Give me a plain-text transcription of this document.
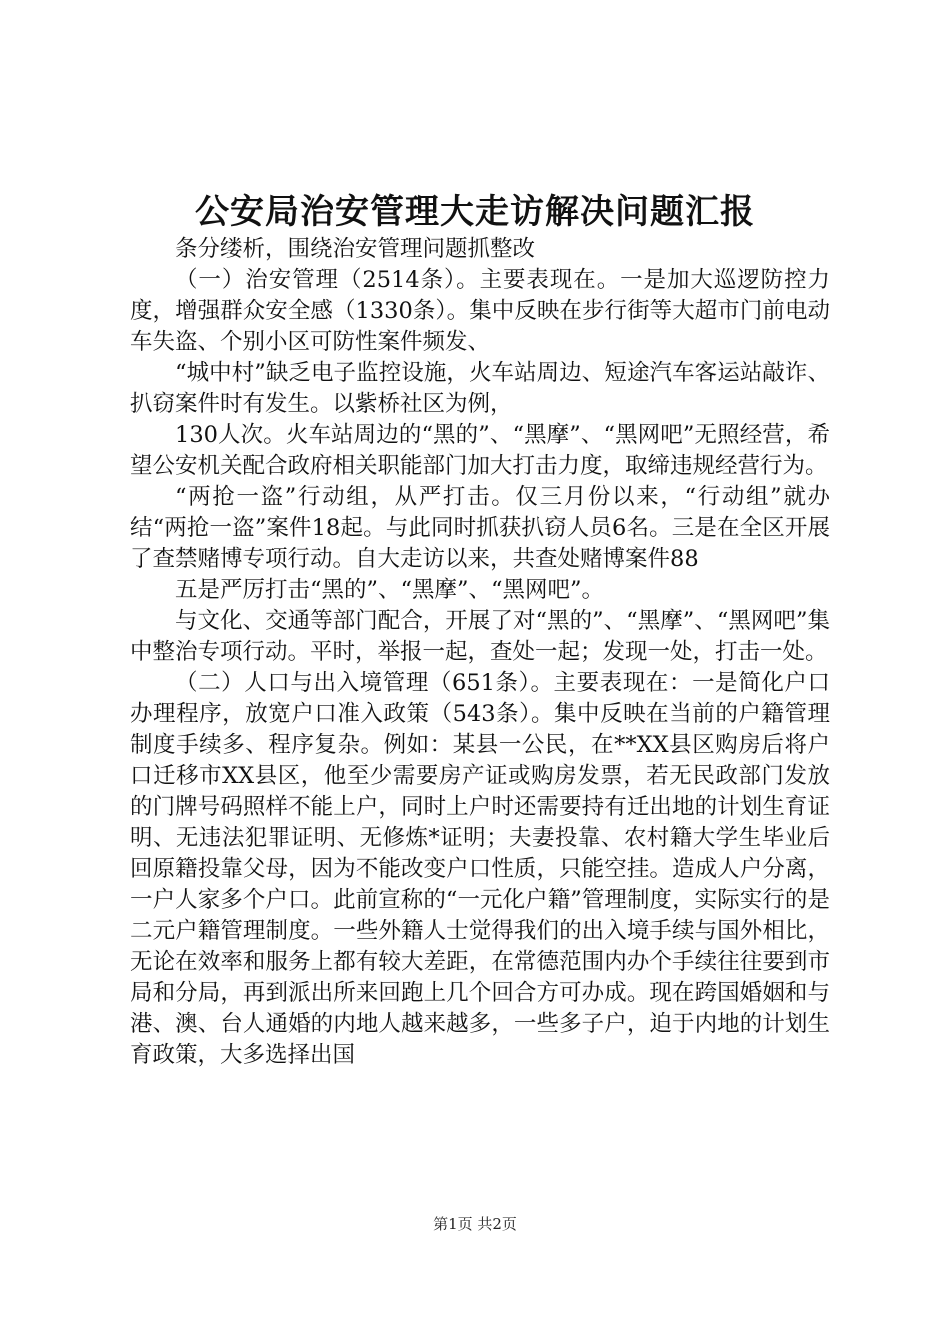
公安局治安管理大走访解决问题汇报

条分缕析，围绕治安管理问题抓整改

（一）治安管理（2514条）。主要表现在。一是加大巡逻防控力度，增强群众安全感（1330条）。集中反映在步行街等大超市门前电动车失盗、个别小区可防性案件频发、

“城中村”缺乏电子监控设施，火车站周边、短途汽车客运站敲诈、扒窃案件时有发生。以紫桥社区为例，

130人次。火车站周边的“黑的”、“黑摩”、“黑网吧”无照经营，希望公安机关配合政府相关职能部门加大打击力度，取缔违规经营行为。

“两抢一盗”行动组，从严打击。仅三月份以来，“行动组”就办结“两抢一盗”案件18起。与此同时抓获扒窃人员6名。三是在全区开展了查禁赌博专项行动。自大走访以来，共查处赌博案件88

五是严厉打击“黑的”、“黑摩”、“黑网吧”。

与文化、交通等部门配合，开展了对“黑的”、“黑摩”、“黑网吧”集中整治专项行动。平时，举报一起，查处一起；发现一处，打击一处。

（二）人口与出入境管理（651条）。主要表现在：一是简化户口办理程序，放宽户口准入政策（543条）。集中反映在当前的户籍管理制度手续多、程序复杂。例如：某县一公民，在**XX县区购房后将户口迁移市XX县区，他至少需要房产证或购房发票，若无民政部门发放的门牌号码照样不能上户，同时上户时还需要持有迁出地的计划生育证明、无违法犯罪证明、无修炼*证明；夫妻投靠、农村籍大学生毕业后回原籍投靠父母，因为不能改变户口性质，只能空挂。造成人户分离，一户人家多个户口。此前宣称的“一元化户籍”管理制度，实际实行的是二元户籍管理制度。一些外籍人士觉得我们的出入境手续与国外相比，无论在效率和服务上都有较大差距，在常德范围内办个手续往往要到市局和分局，再到派出所来回跑上几个回合方可办成。现在跨国婚姻和与港、澳、台人通婚的内地人越来越多，一些多子户，迫于内地的计划生育政策，大多选择出国

第1页 共2页
